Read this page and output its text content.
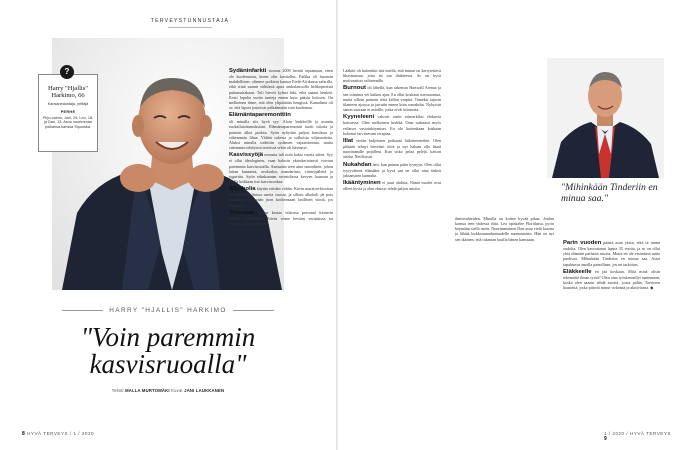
TERVEYSTUNNUSTAJA
Harry "Hjallis" Harkimo, 66
Kansanedustaja, yrittäjä
PERHE
Pirjo-vaimo, Joel, 29, Leo, 18, ja Dan, 13. Asuu nuorimman poikansa kanssa Sipoossa.
?
HARRY "HJALLIS" HARKIMO
"Voin paremmin
kasvisruoalla"
Teksti MALLA MURTOMÄKI Kuvat JANI LAUKKANEN
8 HYVÄ TERVEYS / 1 / 2020

Sydäninfarkti vuonna 2000 herätti tajuamaan, etten ole kuolematon, kuten olin kuvitellut. Paikka oli huonoin mahdollinen: olimme poikieni kanssa Etelä-Afrikassa safarilla, eikä siinä saanut välitöntä apua ambulanssilla helikopteristä puhumattakaan. Tuli hirveä kylmä hiki, eikä saanut henkeä. Kesti lopulta useita tunteja ennen kuin pääsin hoitoon. On melkoinen ihme, että olen ylipäätään hengissä. Kamalinta oli se, että lapset joutuivat pelkäämään isän kuolemaa.

Elämäntaparemonttiin

oli minulla siis hyvä syy. Aloin lenkkeillä ja muutin ruokailutottumuksiani. Elämäntaparemontti tuotti tulosta ja painoin alkoi pudota. Syön nykyään paljon kasviksia ja vähemmän lihaa. Vältän sokeria ja valkoisia viljatuotteita. Aluksi minulla todettiin sydämen vajaatoiminta, mutta sittemmin tehdyissä testeissä sekin oli hävinnyt.

Kasvissyöjä minusta tuli noin kaksi vuotta sitten. Syy ei ollut ideologinen, vaan halusin yksinkertaisesti voivani paremmin kasvisruoalla. Aamuisin teen aina smoothien, johon laitan banaania, avokadoa, mandarinia, viinirypäleitä ja jogurttia. Syön eduskunnan ravintolassa kevyen lounaan ja illalla kokkaan itse kasvisruokaa.

Alkoholia käytän erittäin vähän. Kävin maraton-kisoissa ja hiihtokilpailuissa useita vuosia, ja silloin alkoholi jäi pois kokonaan. Nykyään juon korkeintaan lasillisen viiniä, jos sitäkään.

Treenaan kolme kertaa viikossa personal trainerin kanssa kuntosalilla. Kävin viime kevään vertaisissa tai solerrarivoi olisi kotona.

Lääkäri oli kuitenkin sitä mieltä, että minun on kerrytettävä lihasmassaa, jotta en saa diabetesta. Se on hyvä motivaattori salitreenille.

Burnout oli lähellä, kun rakensin Hartwall Arenaa ja sen toiminta vei kaiken ajan. En ollut koskaan stressaannut, mutta silloin painoin töitä kellon ympäri. Onneksi tajusin tilanteen ajoissa ja jarrutin ennen kuin romahdin. Nykyisin sanon suoraan ei asioille, jotka eivät kiinnosta.

Kyyneleeni valuvat usein esimerkiksi elokuvia katsoessa. Olen melkoinen herkkä. Otan raskaasti myös erilaiset vastoinkäymiset. En ole kuitenkaan koskaan kokenut tarvitsevani terapiaa.

Illat vietän kuljettaen poikaani lätkätreeneihin. Olen pitkään tehnyt hirveästi töitä ja nyt haluan olla läsnä nuorimmalle pojalleni. Kun sisko pelaa pelejä, katson ottelut Netflixistä.

Nukahdan heti, kun painan pään tyynyyn. Olen ollut tyytyväinen elämääni ja hyvä uni on ollut aina tärkeä jaksamisen kannalta.

Ikääntyminen ei juuri ahdista. Nämä vuodet ovat olleet hyviä ja olen ehtinyt tehdä paljon asioita.	"Mihinkään Tinderiin en minua saa."

ihmissuhteiden. Minulla on kolme hyvää pikaa. Joulun kanssa teen yhdessä töitä. Leo opiskelee Floridassa, pyrin käymään siellä usein. Nuorimmainen Dan asuu vielä kotona ja lähtää kirkkoaamuhartaudelle sunnuntaisin. Hän on nyt sen ikäinen, että rakastan kuulla hänen kanssaan.

Parin vuoden päästä asun yksin, eikä se tunnu oudolta. Olen kasvattanut lapsia 35 vuotta, ja se on ollut yhtä elämäni parhaita asioita. Mutta en ole etsimässä uutta puolisoa. Mihinkään Tinderiin en minua saa. Asiat tapahtuvat omalla painollaan, jos on tarkoitus.

Eläkkeelle en jää koskaan. Mitä minä olisin tekemättä ilman työtä? Olen aina työskennellyt tuntemaan, koska olen saanut tehdä asioita, joista pidän. Tarvitsen haasteita, jotka pitävät minut virkeänä ja aktiivisena. ◆

1 / 2020 / HYVÄ TERVEYS 9
